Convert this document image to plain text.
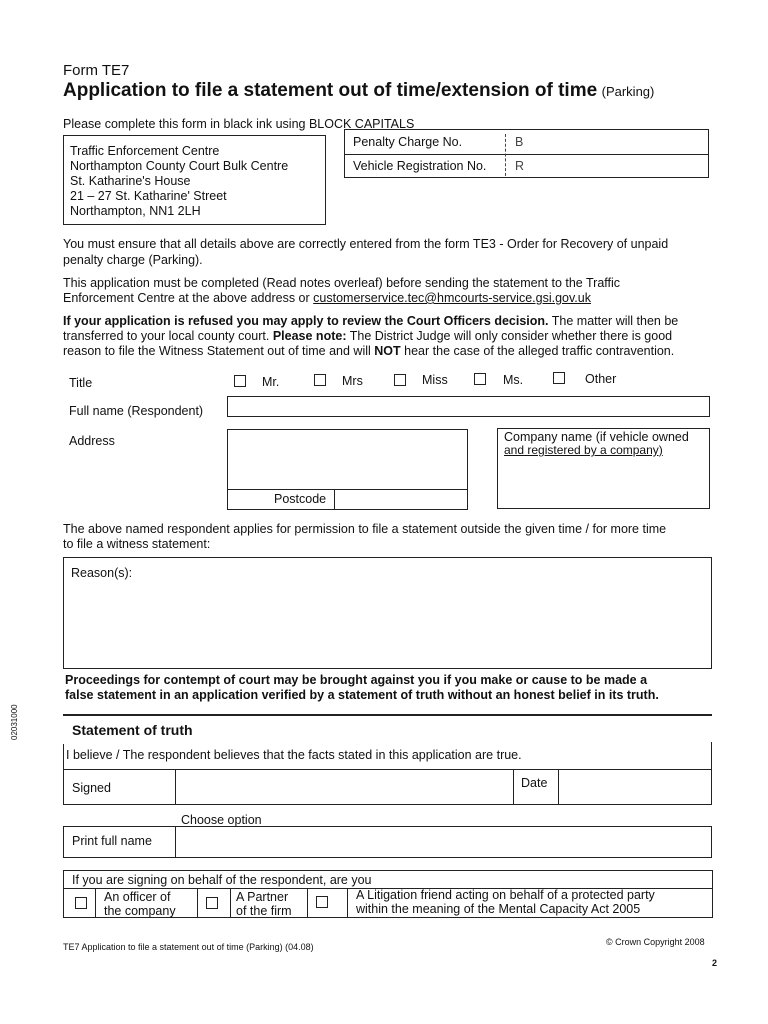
Form TE7
Application to file a statement out of time/extension of time (Parking)
Please complete this form in black ink using BLOCK CAPITALS
Traffic Enforcement Centre
Northampton County Court Bulk Centre
St. Katharine's House
21 – 27 St. Katharine' Street
Northampton, NN1 2LH
Penalty Charge No.	B
Vehicle Registration No. R
You must ensure that all details above are correctly entered from the form TE3 - Order for Recovery of unpaid
penalty charge (Parking).
This application must be completed (Read notes overleaf) before sending the statement to the Traffic
Enforcement Centre at the above address or customerservice.tec@hmcourts-service.gsi.gov.uk
If your application is refused you may apply to review the Court Officers decision. The matter will then be
transferred to your local county court. Please note: The District Judge will only consider whether there is good
reason to file the Witness Statement out of time and will NOT hear the case of the alleged traffic contravention.
Title	Mr.	Mrs	Miss	Ms.	Other
Full name (Respondent)
Address
Postcode
Company name (if vehicle owned
and registered by a company)
The above named respondent applies for permission to file a statement outside the given time / for more time
to file a witness statement:
Reason(s):
Proceedings for contempt of court may be brought against you if you make or cause to be made a
false statement in an application verified by a statement of truth without an honest belief in its truth.
02031000	Statement of truth
I believe / The respondent believes that the facts stated in this application are true.
Signed	Date
Choose option
Print full name
If you are signing on behalf of the respondent, are you
An officer of
the company
A Partner
of the firm
A Litigation friend acting on behalf of a protected party
within the meaning of the Mental Capacity Act 2005
TE7 Application to file a statement out of time (Parking) (04.08)	© Crown Copyright 2008
2
